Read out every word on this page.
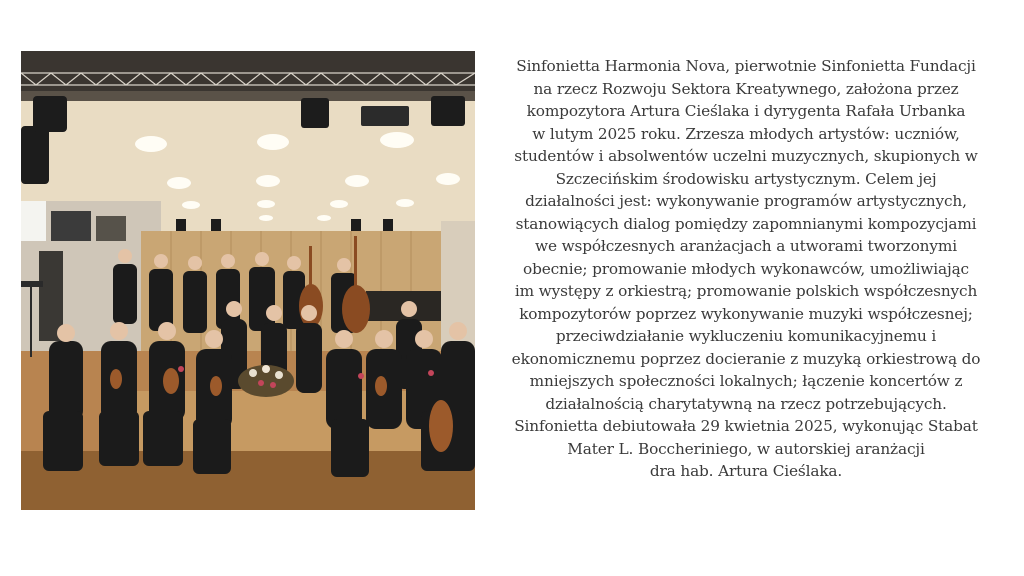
Sinfonietta Harmonia Nova, pierwotnie Sinfonietta Fundacji
na rzecz Rozwoju Sektora Kreatywnego, założona przez
kompozytora Artura Cieślaka i dyrygenta Rafała Urbanka
w lutym 2025 roku. Zrzesza młodych artystów: uczniów,
studentów i absolwentów uczelni muzycznych, skupionych w
Szczecińskim środowisku artystycznym. Celem jej
działalności jest: wykonywanie programów artystycznych,
stanowiących dialog pomiędzy zapomnianymi kompozycjami
we współczesnych aranżacjach a utworami tworzonymi
obecnie; promowanie młodych wykonawców, umożliwiając
im występy z orkiestrą; promowanie polskich współczesnych
kompozytorów poprzez wykonywanie muzyki współczesnej;
przeciwdziałanie wykluczeniu komunikacyjnemu i
ekonomicznemu poprzez docieranie z muzyką orkiestrową do
mniejszych społeczności lokalnych; łączenie koncertów z
działalnością charytatywną na rzecz potrzebujących.
Sinfonietta debiutowała 29 kwietnia 2025, wykonując Stabat
Mater L. Boccheriniego, w autorskiej aranżacji
dra hab. Artura Cieślaka.
